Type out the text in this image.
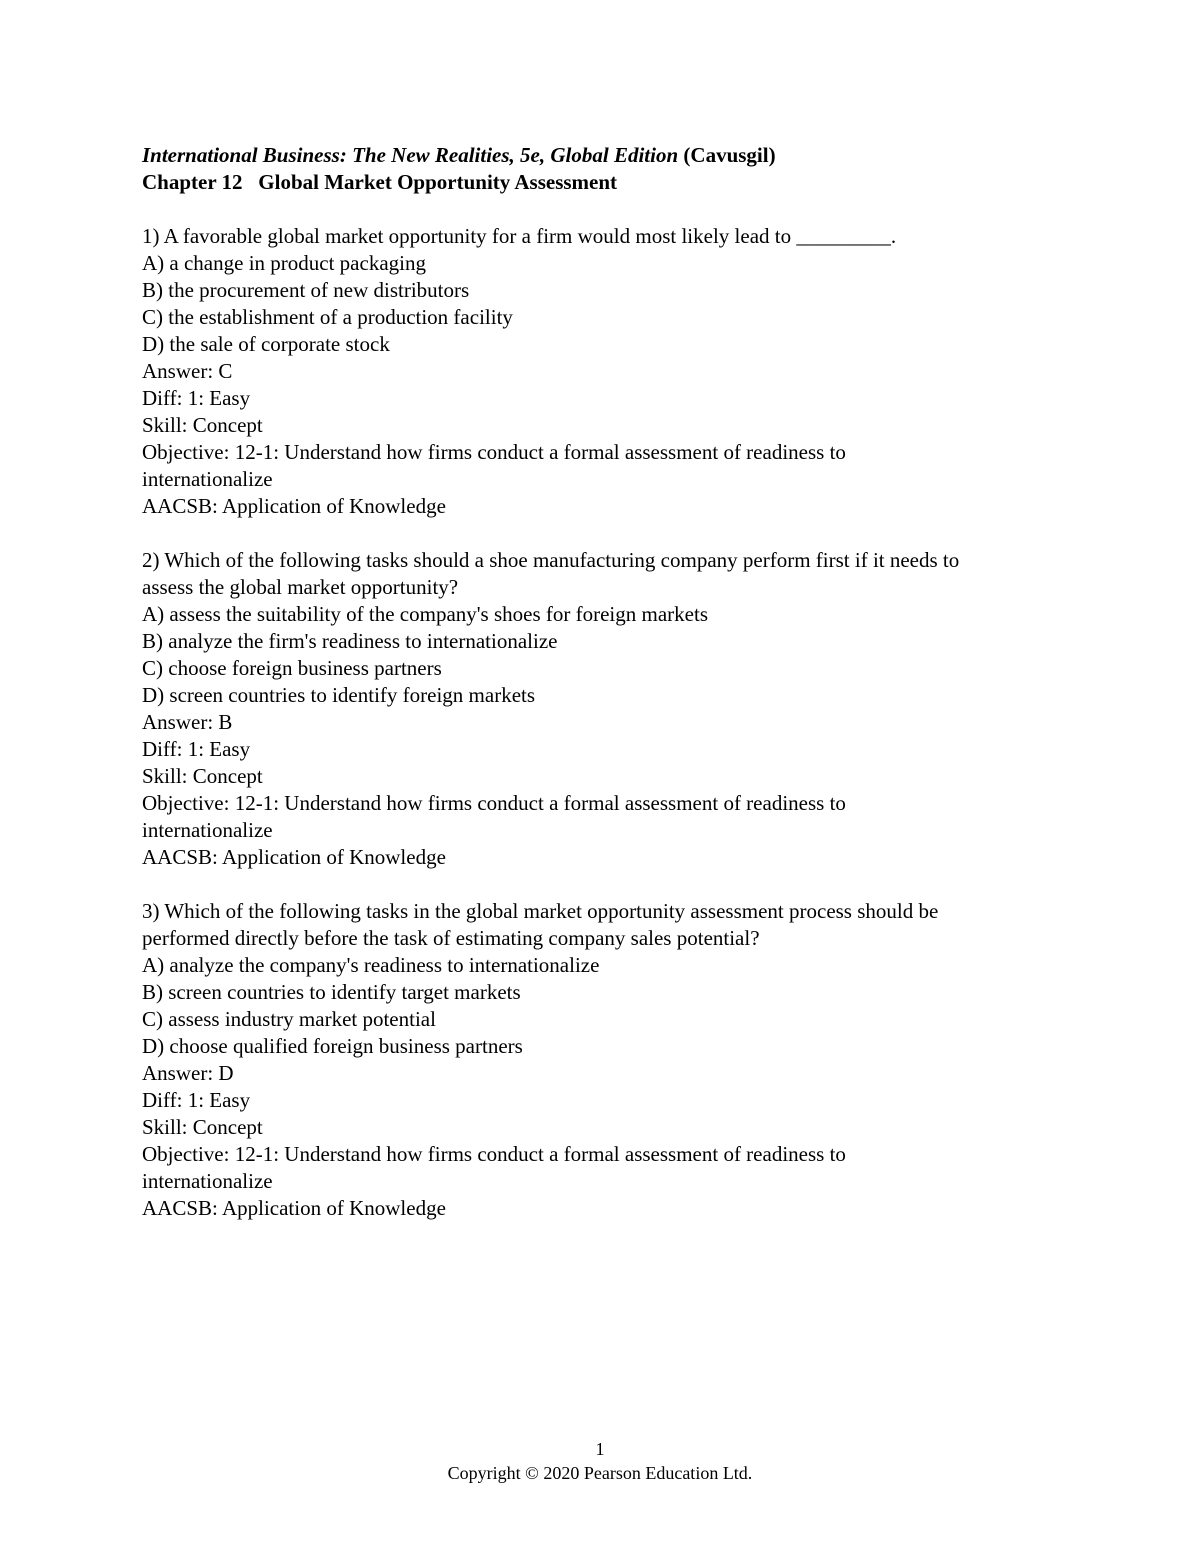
International Business: The New Realities, 5e, Global Edition (Cavusgil)
Chapter 12   Global Market Opportunity Assessment

1) A favorable global market opportunity for a firm would most likely lead to _________.

A) a change in product packaging

B) the procurement of new distributors

C) the establishment of a production facility

D) the sale of corporate stock

Answer: C

Diff: 1: Easy

Skill: Concept

Objective: 12-1: Understand how firms conduct a formal assessment of readiness to

internationalize

AACSB: Application of Knowledge

2) Which of the following tasks should a shoe manufacturing company perform first if it needs to

assess the global market opportunity?

A) assess the suitability of the company's shoes for foreign markets

B) analyze the firm's readiness to internationalize

C) choose foreign business partners

D) screen countries to identify foreign markets

Answer: B

Diff: 1: Easy

Skill: Concept

Objective: 12-1: Understand how firms conduct a formal assessment of readiness to

internationalize

AACSB: Application of Knowledge

3) Which of the following tasks in the global market opportunity assessment process should be

performed directly before the task of estimating company sales potential?

A) analyze the company's readiness to internationalize

B) screen countries to identify target markets

C) assess industry market potential

D) choose qualified foreign business partners

Answer: D

Diff: 1: Easy

Skill: Concept

Objective: 12-1: Understand how firms conduct a formal assessment of readiness to

internationalize

AACSB: Application of Knowledge

1
Copyright © 2020 Pearson Education Ltd.
